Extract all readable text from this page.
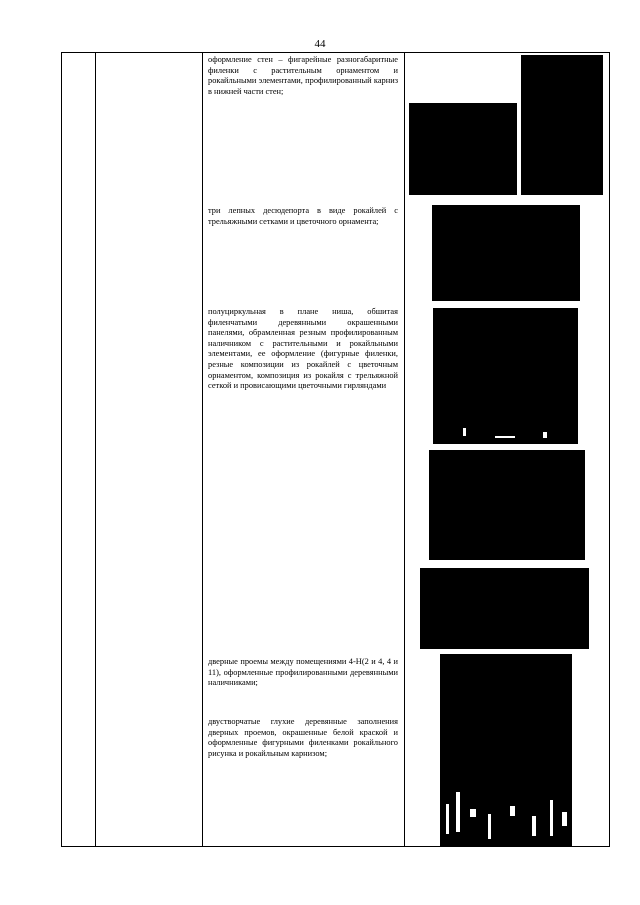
44
оформление стен – фигарейные разногабаритные филенки с растительным орнаментом и рокайльными элементами, профилированный карниз в нижней части стен;
три лепных десюдепорта в виде рокайлей с трельяжными сетками и цветочного орнамента;
полуциркульная в плане ниша, обшитая филенчатыми деревянными окрашенными панелями, обрамленная резным профилированным наличником с растительными и рокайльными элементами, ее оформление (фигурные филенки, резные композиции из рокайлей с цветочным орнаментом, композиция из рокайля с трельяжной сеткой и провисающими цветочными гирляндами
дверные проемы между помещениями 4-Н(2 и 4, 4 и 11), оформленные профилированными деревянными наличниками;
двустворчатые глухие деревянные заполнения дверных проемов, окрашенные белой краской и оформленные фигурными филенками рокайльного рисунка и рокайльным карнизом;
